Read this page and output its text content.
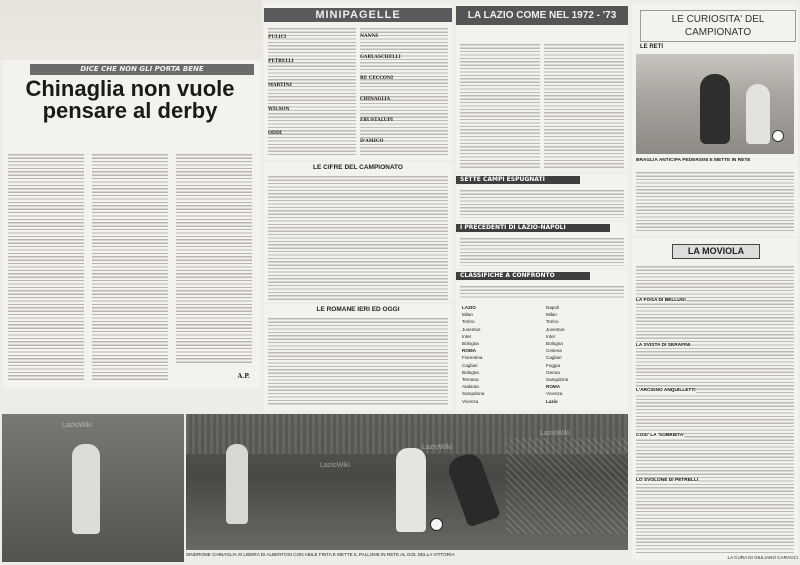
DICE CHE NON GLI PORTA BENE
Chinaglia non vuole pensare al derby
A.P.
MINIPAGELLE
PULICI
PETRELLI
MARTINI
WILSON
ODDI
NANNI
GARLASCHELLI
RE CECCONI
CHINAGLIA
FRUSTALUPI
D'AMICO
LE CIFRE DEL CAMPIONATO
LE ROMANE IERI ED OGGI
LA LAZIO COME NEL 1972 - '73
SETTE CAMPI ESPUGNATI
I PRECEDENTI DI LAZIO-NAPOLI
CLASSIFICHE A CONFRONTO
LAZIO
Milan
Torino
Juventus
Inter
Bologna
ROMA
Fiorentina
Cagliari
Bologna
Ternana
Atalanta
Sampdoria
Vicenza
Napoli
Milan
Torino
Juventus
Inter
Bologna
Cesena
Cagliari
Foggia
Genoa
Sampdoria
ROMA
Vicenza
Lazio
LE CURIOSITA' DEL CAMPIONATO
LE RETI
BRAGLIA ANTICIPA PEDERSINI E METTE IN RETE
LA MOVIOLA
LA FOGA DI BELLUGI
LA SVISTA DI SERAFINI
L'ARCIGNO ANQUILLETTI
COSI' LA 'SOBRIETA'
LO SVOLONE DI PETRELLI
LazioWiki
SINDROME CHINAGLIA SI LIBERA DI ALBERTOSI CON ABILE FINTA E METTE IL PALLONE IN RETE AL GOL DELLA VITTORIA
LA CURA DI GIULIANO CARACCI
LazioWiki
LazioWiki
LazioWiki
